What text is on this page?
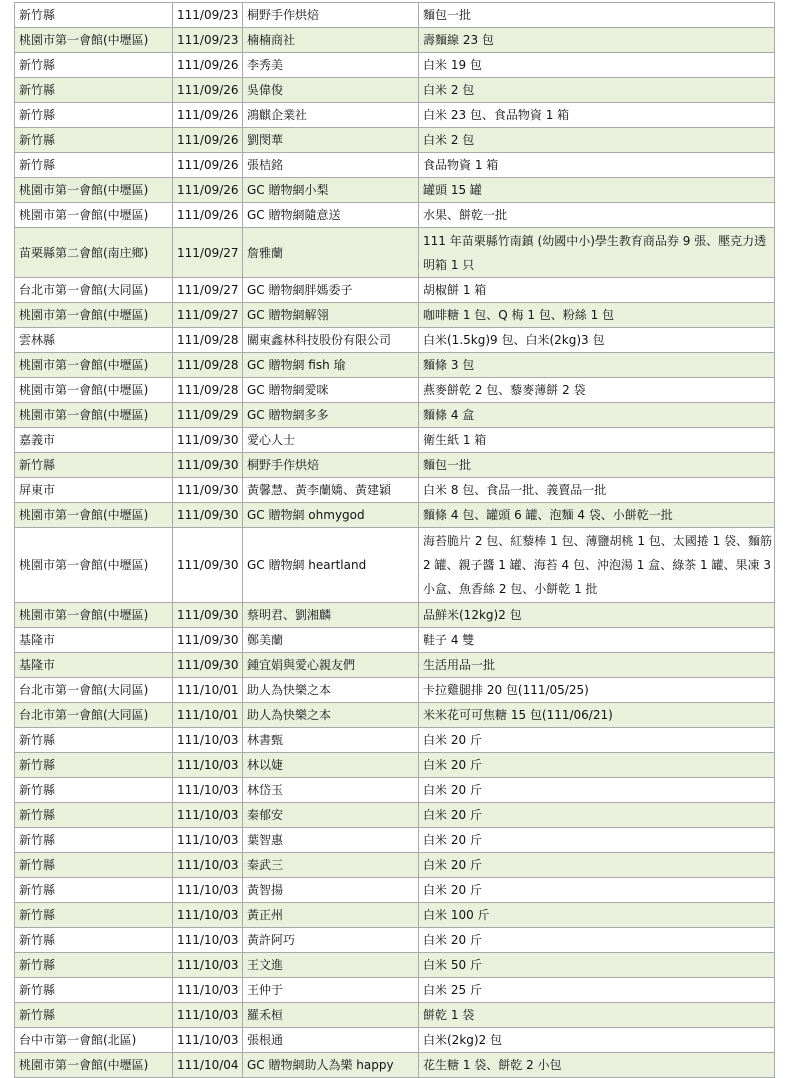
新竹縣	111/09/23	桐野手作烘焙	麵包一批
桃園市第一會館(中壢區)	111/09/23	楠楠商社	壽麵線 23 包
新竹縣	111/09/26	李秀美	白米 19 包
新竹縣	111/09/26	吳偉俊	白米 2 包
新竹縣	111/09/26	鴻麒企業社	白米 23 包、食品物資 1 箱
新竹縣	111/09/26	劉閔華	白米 2 包
新竹縣	111/09/26	張桔銘	食品物資 1 箱
桃園市第一會館(中壢區)	111/09/26	GC 贈物網小梨	罐頭 15 罐
桃園市第一會館(中壢區)	111/09/26	GC 贈物網隨意送	水果、餅乾一批
苗栗縣第二會館(南庄鄉)	111/09/27	詹雅蘭	111 年苗栗縣竹南鎮 (幼國中小)學生教育商品券 9 張、壓克力透明箱 1 只
台北市第一會館(大同區)	111/09/27	GC 贈物網胖媽委子	胡椒餅 1 箱
桃園市第一會館(中壢區)	111/09/27	GC 贈物網解翎	咖啡糖 1 包、Q 梅 1 包、粉絲 1 包
雲林縣	111/09/28	關東鑫林科技股份有限公司	白米(1.5kg)9 包、白米(2kg)3 包
桃園市第一會館(中壢區)	111/09/28	GC 贈物網 fish 瑜	麵條 3 包
桃園市第一會館(中壢區)	111/09/28	GC 贈物網愛咪	燕麥餅乾 2 包、藜麥薄餅 2 袋
桃園市第一會館(中壢區)	111/09/29	GC 贈物網多多	麵條 4 盒
嘉義市	111/09/30	愛心人士	衛生紙 1 箱
新竹縣	111/09/30	桐野手作烘焙	麵包一批
屏東市	111/09/30	黃馨慧、黃李蘭嬌、黃建穎	白米 8 包、食品一批、義賣品一批
桃園市第一會館(中壢區)	111/09/30	GC 贈物網 ohmygod	麵條 4 包、罐頭 6 罐、泡麵 4 袋、小餅乾一批
桃園市第一會館(中壢區)	111/09/30	GC 贈物網 heartland	海苔脆片 2 包、紅藜棒 1 包、薄鹽胡桃 1 包、太國捲 1 袋、麵筋 2 罐、親子醬 1 罐、海苔 4 包、沖泡湯 1 盒、綠茶 1 罐、果凍 3 小盒、魚香絲 2 包、小餅乾 1 批
桃園市第一會館(中壢區)	111/09/30	蔡明君、劉湘麟	品鮮米(12kg)2 包
基隆市	111/09/30	鄭美蘭	鞋子 4 雙
基隆市	111/09/30	鍾宜娟與愛心親友們	生活用品一批
台北市第一會館(大同區)	111/10/01	助人為快樂之本	卡拉雞腿排 20 包(111/05/25)
台北市第一會館(大同區)	111/10/01	助人為快樂之本	米米花可可焦糖 15 包(111/06/21)
新竹縣	111/10/03	林書甄	白米 20 斤
新竹縣	111/10/03	林以婕	白米 20 斤
新竹縣	111/10/03	林岱玉	白米 20 斤
新竹縣	111/10/03	秦郁安	白米 20 斤
新竹縣	111/10/03	葉智惠	白米 20 斤
新竹縣	111/10/03	秦武三	白米 20 斤
新竹縣	111/10/03	黃智揚	白米 20 斤
新竹縣	111/10/03	黃正州	白米 100 斤
新竹縣	111/10/03	黃許阿巧	白米 20 斤
新竹縣	111/10/03	王文進	白米 50 斤
新竹縣	111/10/03	王仲于	白米 25 斤
新竹縣	111/10/03	羅禾桓	餅乾 1 袋
台中市第一會館(北區)	111/10/03	張根通	白米(2kg)2 包
桃園市第一會館(中壢區)	111/10/04	GC 贈物網助人為樂 happy	花生糖 1 袋、餅乾 2 小包
